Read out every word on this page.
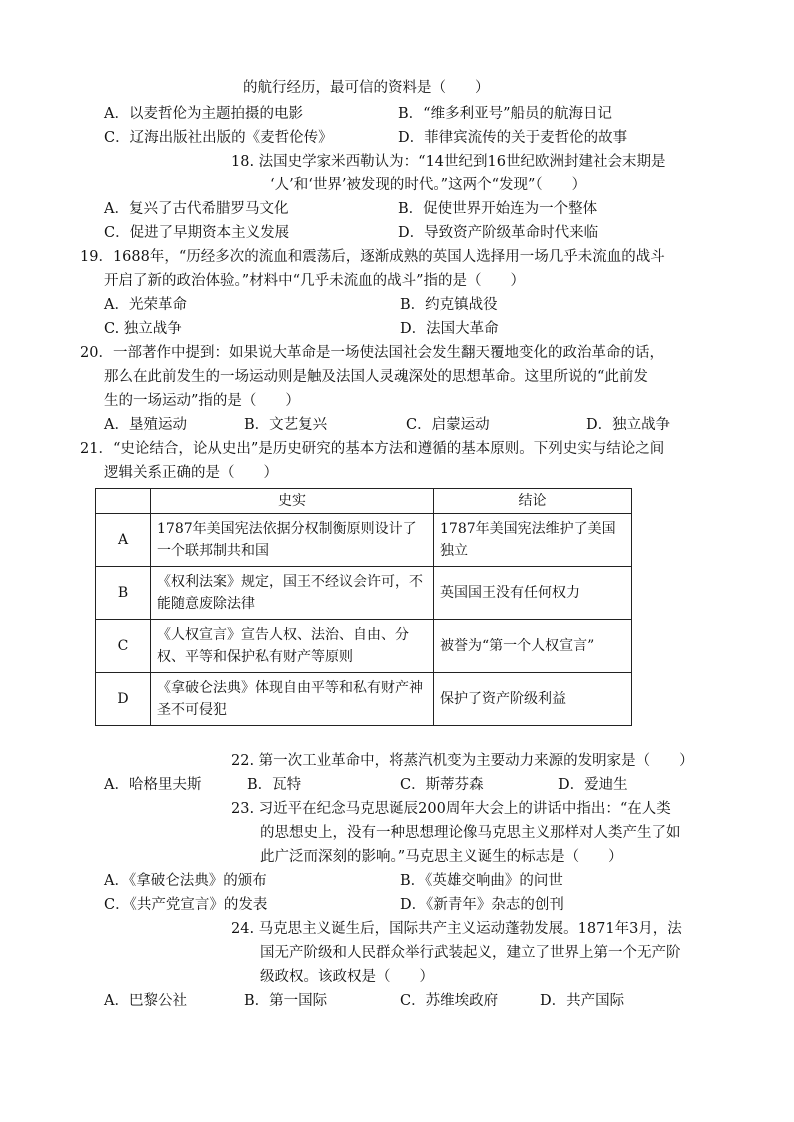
的航行经历，最可信的资料是（　　）
A．以麦哲伦为主题拍摄的电影	B．“维多利亚号”船员的航海日记
C．辽海出版社出版的《麦哲伦传》	D．菲律宾流传的关于麦哲伦的故事
18. 法国史学家米西勒认为：“14世纪到16世纪欧洲封建社会末期是
‘人’和‘世界’被发现的时代。”这两个“发现”（　　）
A．复兴了古代希腊罗马文化	B．促使世界开始连为一个整体
C．促进了早期资本主义发展	D．导致资产阶级革命时代来临
19．1688年，“历经多次的流血和震荡后，逐渐成熟的英国人选择用一场几乎未流血的战斗
开启了新的政治体验。”材料中“几乎未流血的战斗”指的是（　　）
A．光荣革命	B．约克镇战役
C. 独立战争	D．法国大革命
20．一部著作中提到：如果说大革命是一场使法国社会发生翻天覆地变化的政治革命的话，
那么在此前发生的一场运动则是触及法国人灵魂深处的思想革命。这里所说的“此前发
生的一场运动”指的是（　　）
A．垦殖运动	B．文艺复兴	C．启蒙运动	D．独立战争
21．“史论结合，论从史出”是历史研究的基本方法和遵循的基本原则。下列史实与结论之间
逻辑关系正确的是（　　）
	史实	结论
A	1787年美国宪法依据分权制衡原则设计了一个联邦制共和国	1787年美国宪法维护了美国独立
B	《权利法案》规定，国王不经议会许可，不能随意废除法律	英国国王没有任何权力
C	《人权宣言》宣告人权、法治、自由、分权、平等和保护私有财产等原则	被誉为“第一个人权宣言”
D	《拿破仑法典》体现自由平等和私有财产神圣不可侵犯	保护了资产阶级利益
22. 第一次工业革命中，将蒸汽机变为主要动力来源的发明家是（　　）
A．哈格里夫斯	B．瓦特	C．斯蒂芬森	D．爱迪生
23. 习近平在纪念马克思诞辰200周年大会上的讲话中指出：“在人类
的思想史上，没有一种思想理论像马克思主义那样对人类产生了如
此广泛而深刻的影响。”马克思主义诞生的标志是（　　）
A．《拿破仑法典》的颁布	B．《英雄交响曲》的问世
C．《共产党宣言》的发表	D．《新青年》杂志的创刊
24. 马克思主义诞生后，国际共产主义运动蓬勃发展。1871年3月，法
国无产阶级和人民群众举行武装起义，建立了世界上第一个无产阶
级政权。该政权是（　　）
A．巴黎公社	B．第一国际	C．苏维埃政府	D．共产国际
